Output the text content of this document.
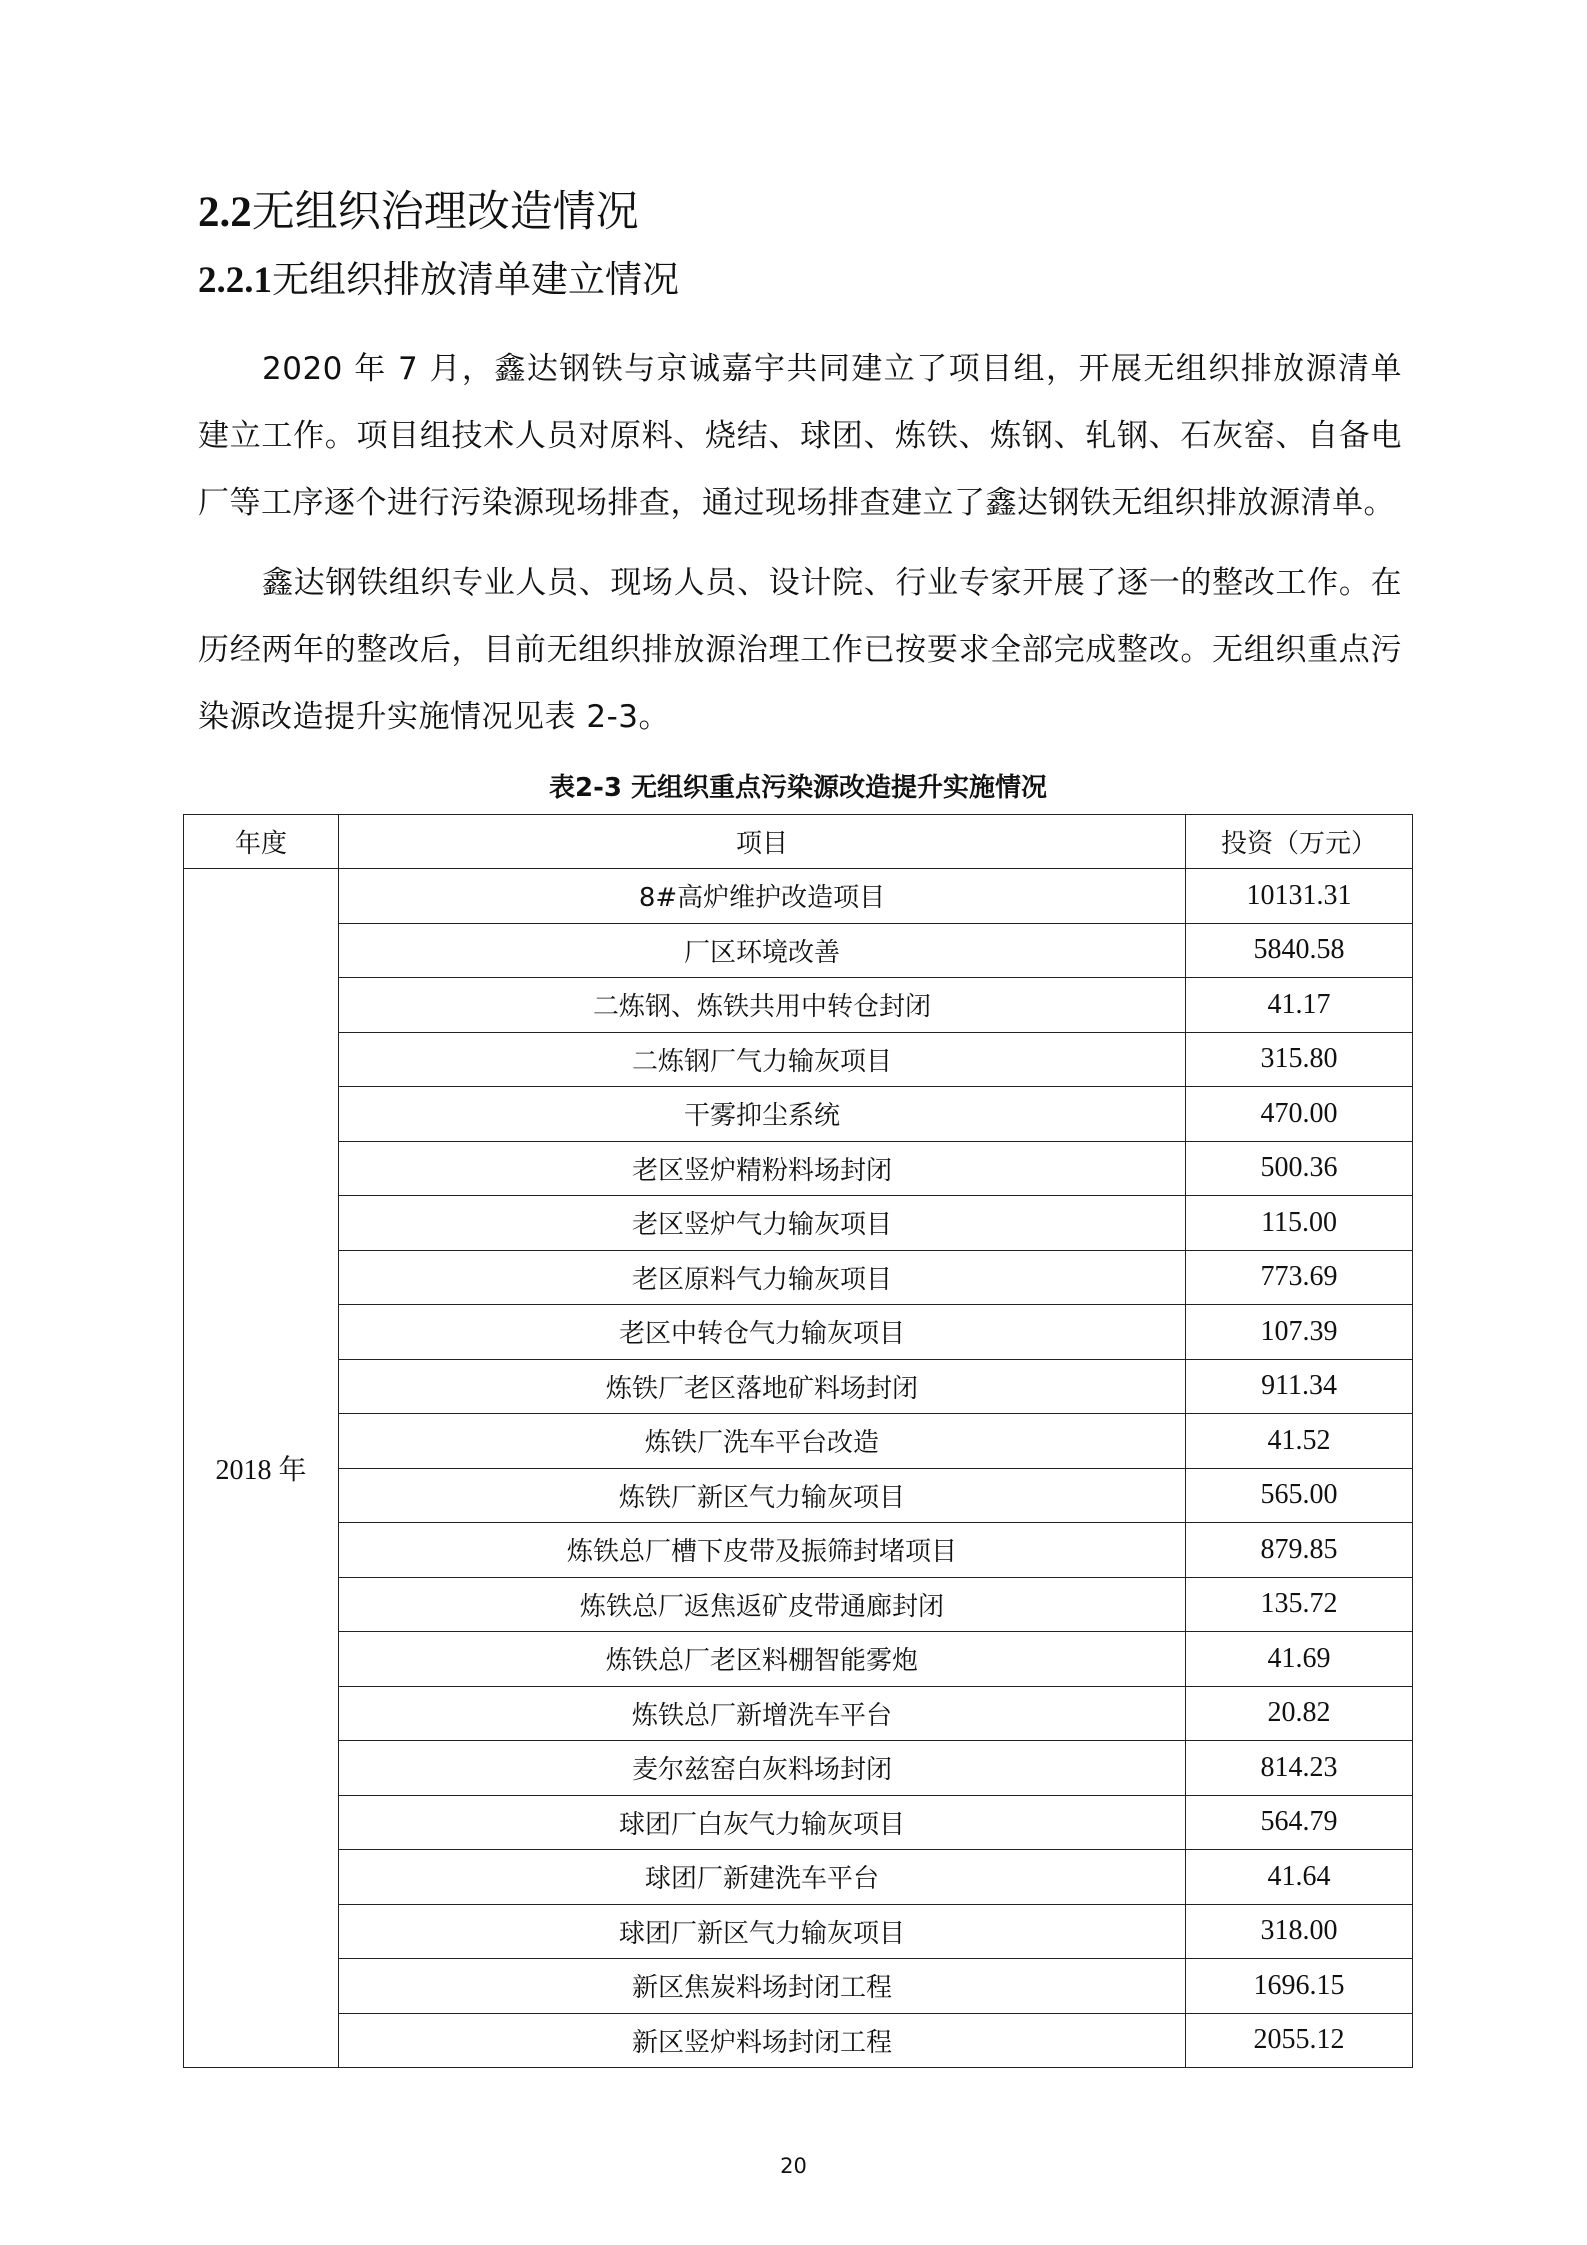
2.2无组织治理改造情况
2.2.1无组织排放清单建立情况
2020 年 7 月，鑫达钢铁与京诚嘉宇共同建立了项目组，开展无组织排放源清单建立工作。项目组技术人员对原料、烧结、球团、炼铁、炼钢、轧钢、石灰窑、自备电厂等工序逐个进行污染源现场排查，通过现场排查建立了鑫达钢铁无组织排放源清单。
鑫达钢铁组织专业人员、现场人员、设计院、行业专家开展了逐一的整改工作。在历经两年的整改后，目前无组织排放源治理工作已按要求全部完成整改。无组织重点污染源改造提升实施情况见表 2-3。
表2-3 无组织重点污染源改造提升实施情况
年度	项目	投资（万元）
2018 年	8#高炉维护改造项目	10131.31
	厂区环境改善	5840.58
	二炼钢、炼铁共用中转仓封闭	41.17
	二炼钢厂气力输灰项目	315.80
	干雾抑尘系统	470.00
	老区竖炉精粉料场封闭	500.36
	老区竖炉气力输灰项目	115.00
	老区原料气力输灰项目	773.69
	老区中转仓气力输灰项目	107.39
	炼铁厂老区落地矿料场封闭	911.34
	炼铁厂洗车平台改造	41.52
	炼铁厂新区气力输灰项目	565.00
	炼铁总厂槽下皮带及振筛封堵项目	879.85
	炼铁总厂返焦返矿皮带通廊封闭	135.72
	炼铁总厂老区料棚智能雾炮	41.69
	炼铁总厂新增洗车平台	20.82
	麦尔兹窑白灰料场封闭	814.23
	球团厂白灰气力输灰项目	564.79
	球团厂新建洗车平台	41.64
	球团厂新区气力输灰项目	318.00
	新区焦炭料场封闭工程	1696.15
	新区竖炉料场封闭工程	2055.12
20
